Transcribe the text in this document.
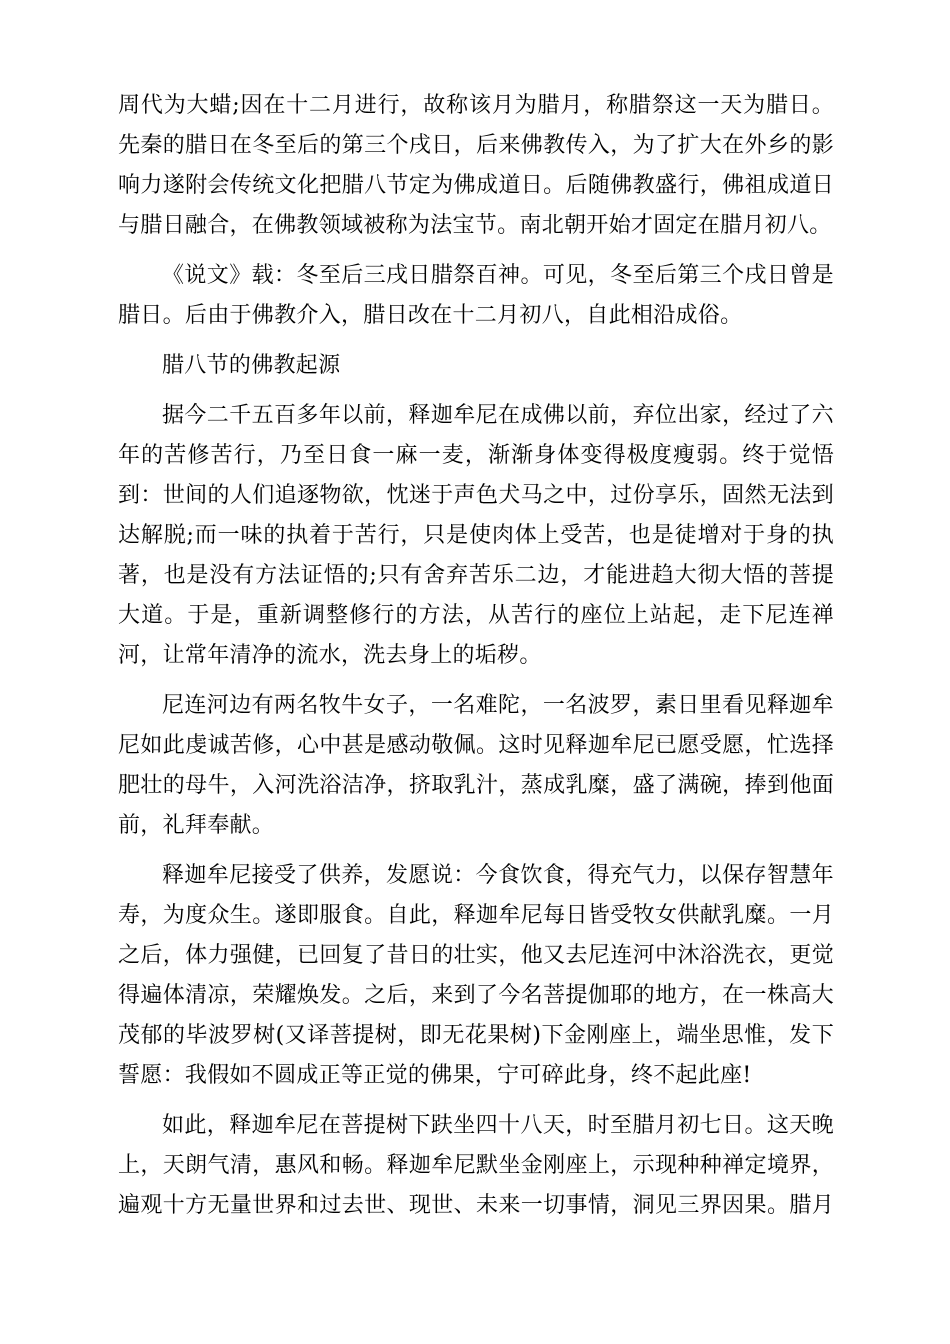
周代为大蜡;因在十二月进行，故称该月为腊月，称腊祭这一天为腊日。
先秦的腊日在冬至后的第三个戌日，后来佛教传入，为了扩大在外乡的影
响力遂附会传统文化把腊八节定为佛成道日。后随佛教盛行，佛祖成道日
与腊日融合，在佛教领域被称为法宝节。南北朝开始才固定在腊月初八。

《说文》载：冬至后三戌日腊祭百神。可见，冬至后第三个戌日曾是
腊日。后由于佛教介入，腊日改在十二月初八，自此相沿成俗。

腊八节的佛教起源

据今二千五百多年以前，释迦牟尼在成佛以前，弃位出家，经过了六
年的苦修苦行，乃至日食一麻一麦，渐渐身体变得极度瘦弱。终于觉悟
到：世间的人们追逐物欲，忱迷于声色犬马之中，过份享乐，固然无法到
达解脱;而一味的执着于苦行，只是使肉体上受苦，也是徒增对于身的执
著，也是没有方法证悟的;只有舍弃苦乐二边，才能进趋大彻大悟的菩提
大道。于是，重新调整修行的方法，从苦行的座位上站起，走下尼连禅
河，让常年清净的流水，洗去身上的垢秽。

尼连河边有两名牧牛女子，一名难陀，一名波罗，素日里看见释迦牟
尼如此虔诚苦修，心中甚是感动敬佩。这时见释迦牟尼已愿受愿，忙选择
肥壮的母牛，入河洗浴洁净，挤取乳汁，蒸成乳糜，盛了满碗，捧到他面
前，礼拜奉献。

释迦牟尼接受了供养，发愿说：今食饮食，得充气力，以保存智慧年
寿，为度众生。遂即服食。自此，释迦牟尼每日皆受牧女供献乳糜。一月
之后，体力强健，已回复了昔日的壮实，他又去尼连河中沐浴洗衣，更觉
得遍体清凉，荣耀焕发。之后，来到了今名菩提伽耶的地方，在一株高大
茂郁的毕波罗树(又译菩提树，即无花果树)下金刚座上，端坐思惟，发下
誓愿：我假如不圆成正等正觉的佛果，宁可碎此身，终不起此座!

如此，释迦牟尼在菩提树下趺坐四十八天，时至腊月初七日。这天晚
上，天朗气清，惠风和畅。释迦牟尼默坐金刚座上，示现种种禅定境界，
遍观十方无量世界和过去世、现世、未来一切事情，洞见三界因果。腊月
